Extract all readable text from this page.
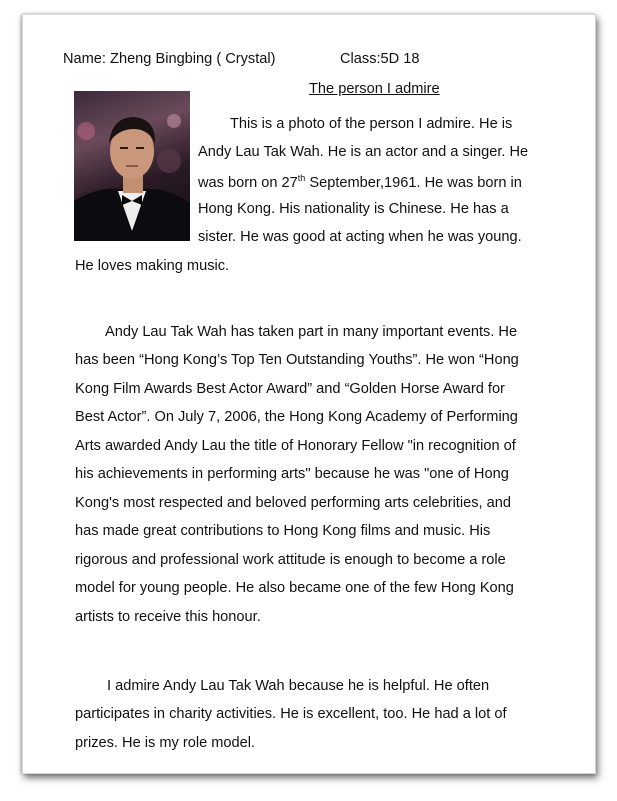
Name: Zheng Bingbing ( Crystal)	Class:5D 18
The person I admire
This is a photo of the person I admire. He is
Andy Lau Tak Wah. He is an actor and a singer. He
was born on 27th September,1961. He was born in
Hong Kong. His nationality is Chinese. He has a
sister. He was good at acting when he was young.
He loves making music.
Andy Lau Tak Wah has taken part in many important events. He
has been “Hong Kong’s Top Ten Outstanding Youths”. He won “Hong
Kong Film Awards Best Actor Award” and “Golden Horse Award for
Best Actor”. On July 7, 2006, the Hong Kong Academy of Performing
Arts awarded Andy Lau the title of Honorary Fellow "in recognition of
his achievements in performing arts" because he was "one of Hong
Kong's most respected and beloved performing arts celebrities, and
has made great contributions to Hong Kong films and music. His
rigorous and professional work attitude is enough to become a role
model for young people. He also became one of the few Hong Kong
artists to receive this honour.
I admire Andy Lau Tak Wah because he is helpful. He often
participates in charity activities. He is excellent, too. He had a lot of
prizes. He is my role model.
